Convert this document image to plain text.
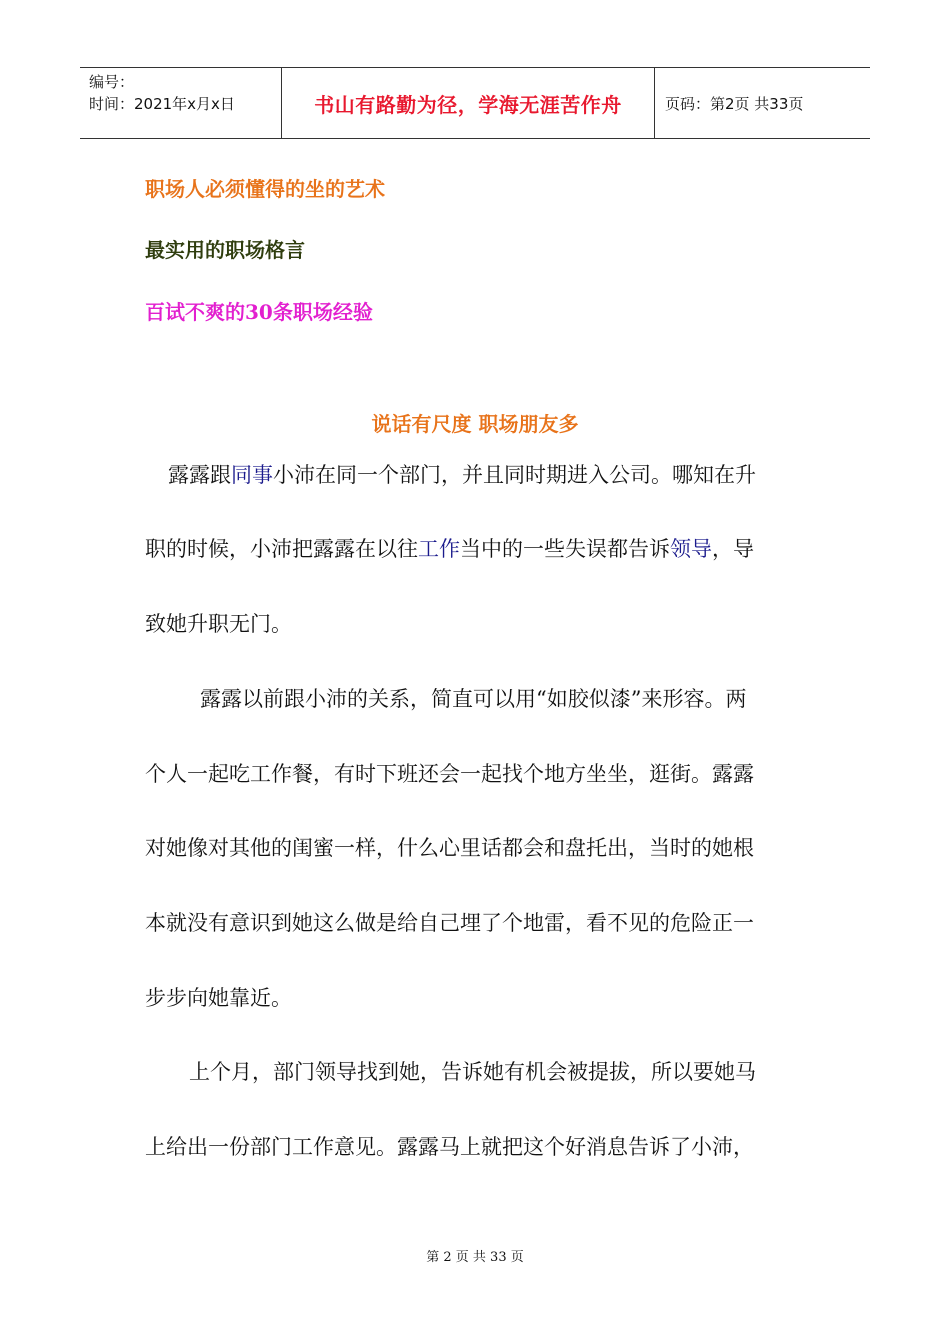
编号：
时间：2021年x月x日	书山有路勤为径，学海无涯苦作舟	页码：第2页 共33页
职场人必须懂得的坐的艺术
最实用的职场格言
百试不爽的30条职场经验
说话有尺度 职场朋友多
露露跟同事小沛在同一个部门，并且同时期进入公司。哪知在升
职的时候，小沛把露露在以往工作当中的一些失误都告诉领导，导
致她升职无门。
露露以前跟小沛的关系，简直可以用“如胶似漆”来形容。两
个人一起吃工作餐，有时下班还会一起找个地方坐坐，逛街。露露
对她像对其他的闺蜜一样，什么心里话都会和盘托出，当时的她根
本就没有意识到她这么做是给自己埋了个地雷，看不见的危险正一
步步向她靠近。
上个月，部门领导找到她，告诉她有机会被提拔，所以要她马
上给出一份部门工作意见。露露马上就把这个好消息告诉了小沛，
第 2 页 共 33 页
